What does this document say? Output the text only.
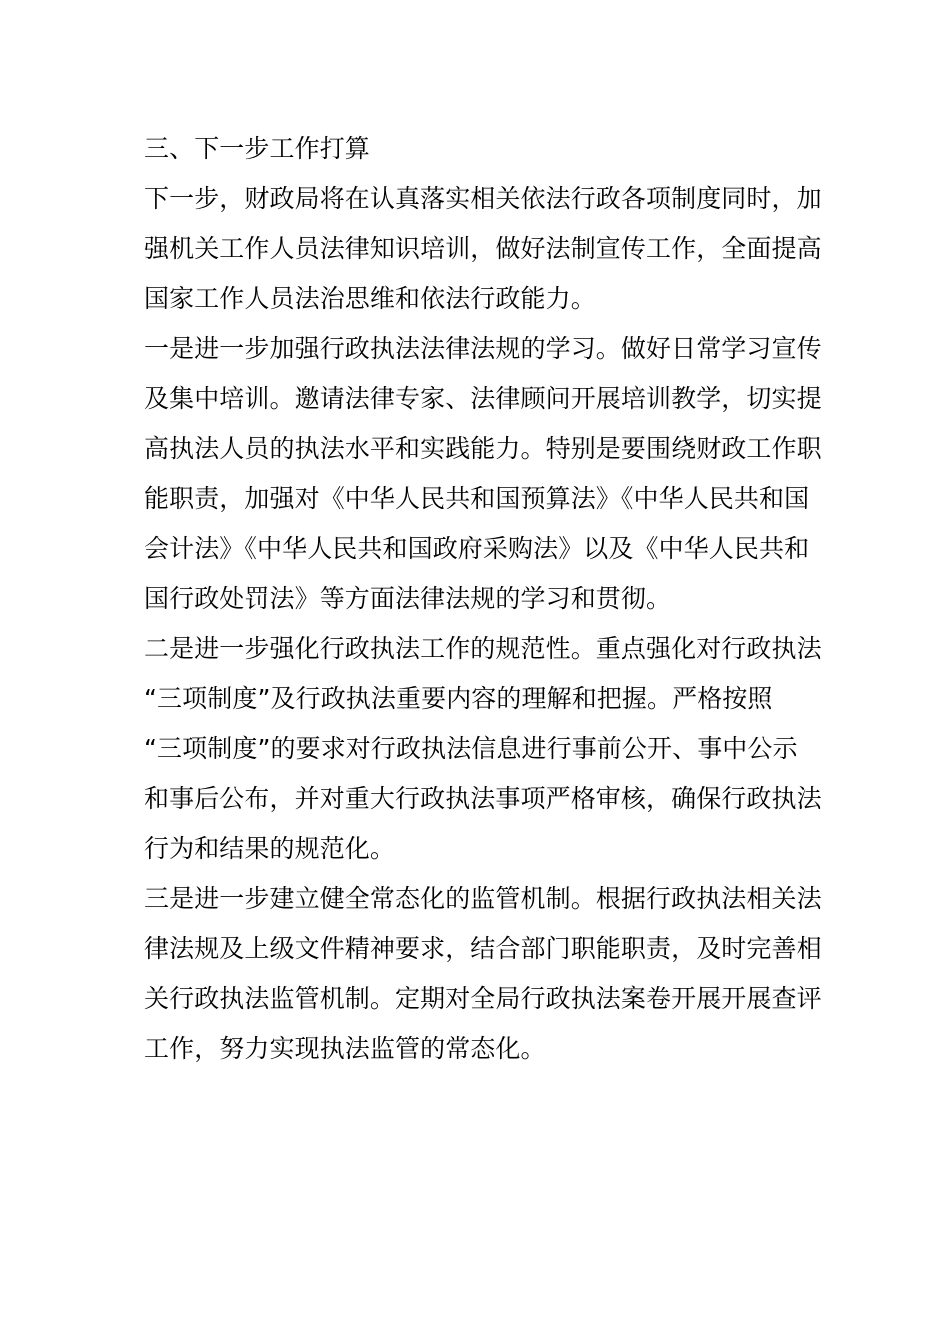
三、下一步工作打算
下一步，财政局将在认真落实相关依法行政各项制度同时，加
强机关工作人员法律知识培训，做好法制宣传工作，全面提高
国家工作人员法治思维和依法行政能力。
一是进一步加强行政执法法律法规的学习。做好日常学习宣传
及集中培训。邀请法律专家、法律顾问开展培训教学，切实提
高执法人员的执法水平和实践能力。特别是要围绕财政工作职
能职责，加强对《中华人民共和国预算法》《中华人民共和国
会计法》《中华人民共和国政府采购法》以及《中华人民共和
国行政处罚法》等方面法律法规的学习和贯彻。
二是进一步强化行政执法工作的规范性。重点强化对行政执法
“三项制度”及行政执法重要内容的理解和把握。严格按照
“三项制度”的要求对行政执法信息进行事前公开、事中公示
和事后公布，并对重大行政执法事项严格审核，确保行政执法
行为和结果的规范化。
三是进一步建立健全常态化的监管机制。根据行政执法相关法
律法规及上级文件精神要求，结合部门职能职责，及时完善相
关行政执法监管机制。定期对全局行政执法案卷开展开展查评
工作，努力实现执法监管的常态化。
